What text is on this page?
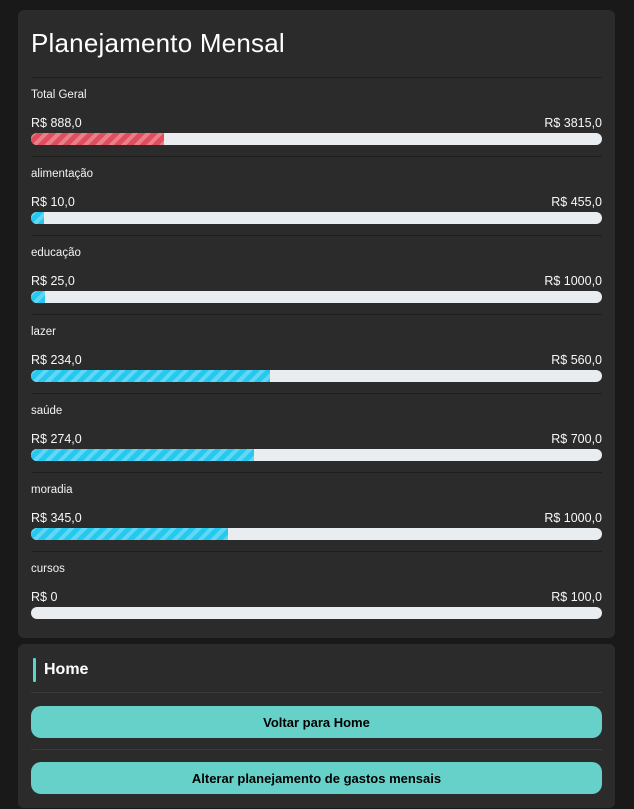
Planejamento Mensal
Total Geral
R$ 888,0	R$ 3815,0
alimentação
R$ 10,0	R$ 455,0
educação
R$ 25,0	R$ 1000,0
lazer
R$ 234,0	R$ 560,0
saúde
R$ 274,0	R$ 700,0
moradia
R$ 345,0	R$ 1000,0
cursos
R$ 0	R$ 100,0
Home
Voltar para Home
Alterar planejamento de gastos mensais
